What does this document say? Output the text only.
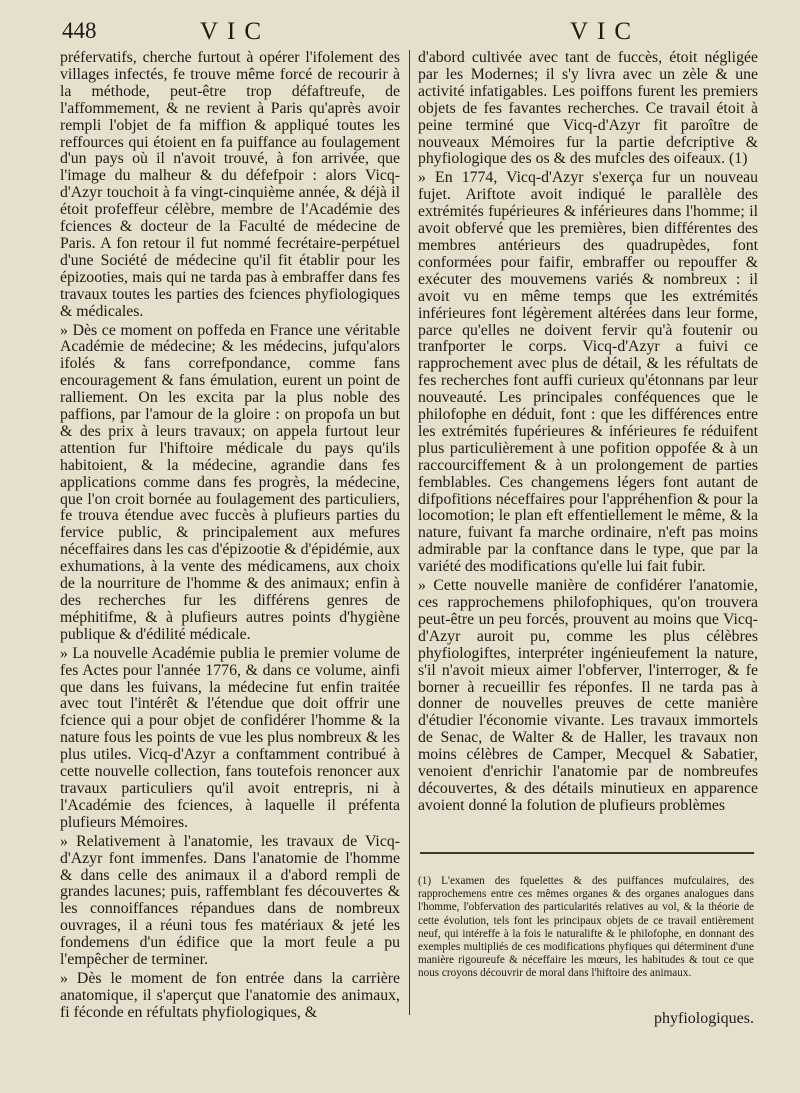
448	VIC	VIC

préfervatifs, cherche furtout à opérer l'ifolement des villages infectés, fe trouve même forcé de recourir à la méthode, peut-être trop défaftreufe, de l'affommement, & ne revient à Paris qu'après avoir rempli l'objet de fa miffion & appliqué toutes les reffources qui étoient en fa puiffance au foulagement d'un pays où il n'avoit trouvé, à fon arrivée, que l'image du malheur & du défefpoir : alors Vicq-d'Azyr touchoit à fa vingt-cinquième année, & déjà il étoit profeffeur célèbre, membre de l'Académie des fciences & docteur de la Faculté de médecine de Paris. A fon retour il fut nommé fecrétaire-perpétuel d'une Société de médecine qu'il fit établir pour les épizooties, mais qui ne tarda pas à embraffer dans fes travaux toutes les parties des fciences phyfiologiques & médicales.

» Dès ce moment on poffeda en France une véritable Académie de médecine; & les médecins, jufqu'alors ifolés & fans correfpondance, comme fans encouragement & fans émulation, eurent un point de ralliement. On les excita par la plus noble des paffions, par l'amour de la gloire : on propofa un but & des prix à leurs travaux; on appela furtout leur attention fur l'hiftoire médicale du pays qu'ils habitoient, & la médecine, agrandie dans fes applications comme dans fes progrès, la médecine, que l'on croit bornée au foulagement des particuliers, fe trouva étendue avec fuccès à plufieurs parties du fervice public, & principalement aux mefures néceffaires dans les cas d'épizootie & d'épidémie, aux exhumations, à la vente des médicamens, aux choix de la nourriture de l'homme & des animaux; enfin à des recherches fur les différens genres de méphitifme, & à plufieurs autres points d'hygiène publique & d'édilité médicale.

» La nouvelle Académie publia le premier volume de fes Actes pour l'année 1776, & dans ce volume, ainfi que dans les fuivans, la médecine fut enfin traitée avec tout l'intérêt & l'étendue que doit offrir une fcience qui a pour objet de confidérer l'homme & la nature fous les points de vue les plus nombreux & les plus utiles. Vicq-d'Azyr a conftamment contribué à cette nouvelle collection, fans toutefois renoncer aux travaux particuliers qu'il avoit entrepris, ni à l'Académie des fciences, à laquelle il préfenta plufieurs Mémoires.

» Relativement à l'anatomie, les travaux de Vicq-d'Azyr font immenfes. Dans l'anatomie de l'homme & dans celle des animaux il a d'abord rempli de grandes lacunes; puis, raffemblant fes découvertes & les connoiffances répandues dans de nombreux ouvrages, il a réuni tous fes matériaux & jeté les fondemens d'un édifice que la mort feule a pu l'empêcher de terminer.

» Dès le moment de fon entrée dans la carrière anatomique, il s'aperçut que l'anatomie des animaux, fi féconde en réfultats phyfiologiques, &

d'abord cultivée avec tant de fuccès, étoit négligée par les Modernes; il s'y livra avec un zèle & une activité infatigables. Les poiffons furent les premiers objets de fes favantes recherches. Ce travail étoit à peine terminé que Vicq-d'Azyr fit paroître de nouveaux Mémoires fur la partie defcriptive & phyfiologique des os & des mufcles des oifeaux. (1)

» En 1774, Vicq-d'Azyr s'exerça fur un nouveau fujet. Ariftote avoit indiqué le parallèle des extrémités fupérieures & inférieures dans l'homme; il avoit obfervé que les premières, bien différentes des membres antérieurs des quadrupèdes, font conformées pour faifir, embraffer ou repouffer & exécuter des mouvemens variés & nombreux : il avoit vu en même temps que les extrémités inférieures font légèrement altérées dans leur forme, parce qu'elles ne doivent fervir qu'à foutenir ou tranfporter le corps. Vicq-d'Azyr a fuivi ce rapprochement avec plus de détail, & les réfultats de fes recherches font auffi curieux qu'étonnans par leur nouveauté. Les principales conféquences que le philofophe en déduit, font : que les différences entre les extrémités fupérieures & inférieures fe réduifent plus particulièrement à une pofition oppofée & à un raccourciffement & à un prolongement de parties femblables. Ces changemens légers font autant de difpofitions néceffaires pour l'appréhenfion & pour la locomotion; le plan eft effentiellement le même, & la nature, fuivant fa marche ordinaire, n'eft pas moins admirable par la conftance dans le type, que par la variété des modifications qu'elle lui fait fubir.

» Cette nouvelle manière de confidérer l'anatomie, ces rapprochemens philofophiques, qu'on trouvera peut-être un peu forcés, prouvent au moins que Vicq-d'Azyr auroit pu, comme les plus célèbres phyfiologiftes, interpréter ingénieufement la nature, s'il n'avoit mieux aimer l'obferver, l'interroger, & fe borner à recueillir fes réponfes. Il ne tarda pas à donner de nouvelles preuves de cette manière d'étudier l'économie vivante. Les travaux immortels de Senac, de Walter & de Haller, les travaux non moins célèbres de Camper, Mecquel & Sabatier, venoient d'enrichir l'anatomie par de nombreufes découvertes, & des détails minutieux en apparence avoient donné la folution de plufieurs problèmes

(1) L'examen des fquelettes & des puiffances mufculaires, des rapprochemens entre ces mêmes organes & des organes analogues dans l'homme, l'obfervation des particularités relatives au vol, & la théorie de cette évolution, tels font les principaux objets de ce travail entièrement neuf, qui intéreffe à la fois le naturalifte & le philofophe, en donnant des exemples multipliés de ces modifications phyfiques qui déterminent d'une manière rigoureufe & néceffaire les mœurs, les habitudes & tout ce que nous croyons découvrir de moral dans l'hiftoire des animaux.
phyfiologiques.
